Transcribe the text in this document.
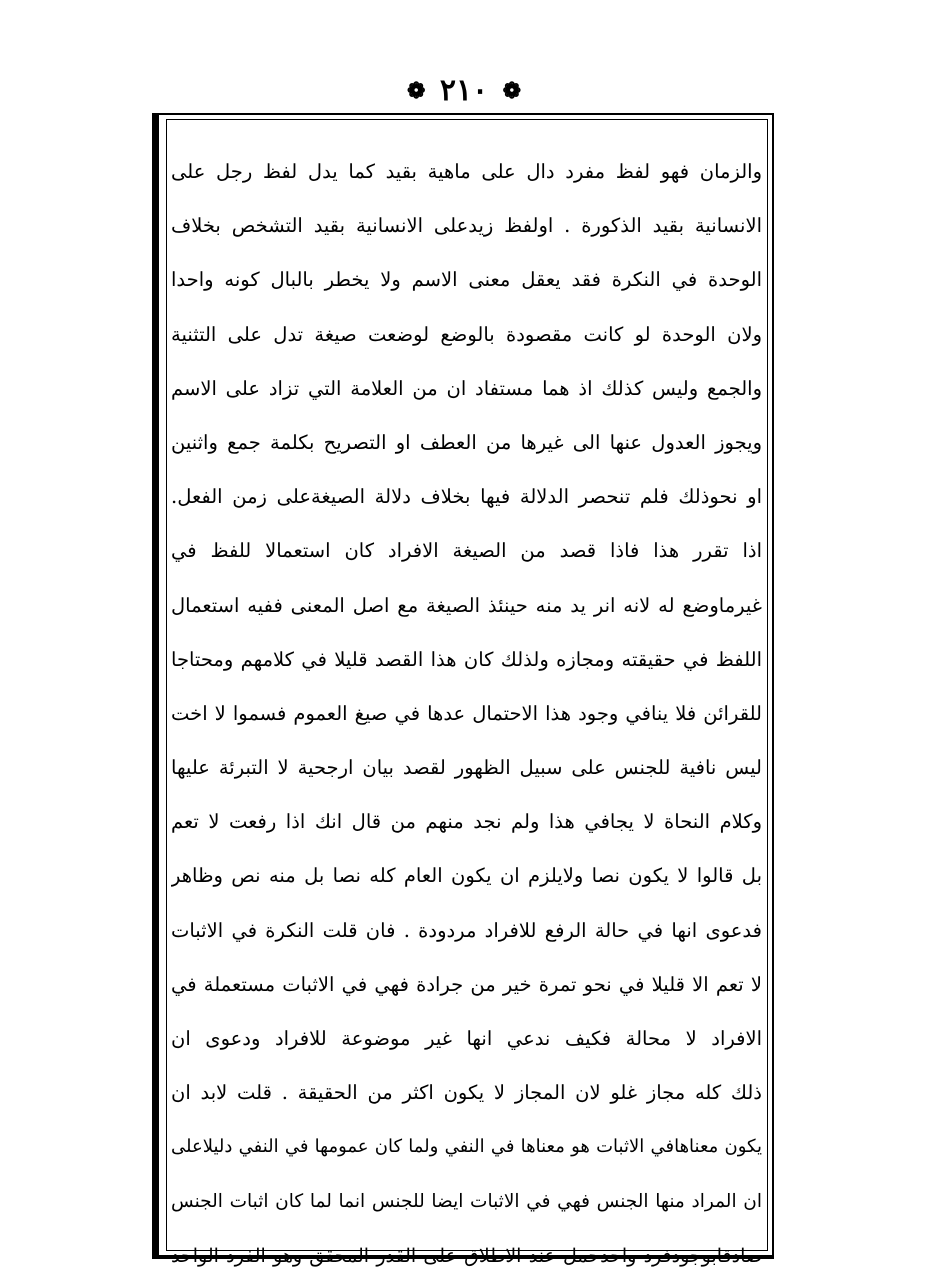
❁ ٢١٠ ❁
والزمان فهو لفظ مفرد دال على ماهية بقيد كما يدل لفظ رجل على
الانسانية بقيد الذكورة . اولفظ زيدعلى الانسانية بقيد التشخص بخلاف
الوحدة في النكرة فقد يعقل معنى الاسم ولا يخطر بالبال كونه واحدا
ولان الوحدة لو كانت مقصودة بالوضع لوضعت صيغة تدل على التثنية
والجمع وليس كذلك اذ هما مستفاد ان من العلامة التي تزاد على الاسم
ويجوز العدول عنها الى غيرها من العطف او التصريح بكلمة جمع واثنين
او نحوذلك فلم تنحصر الدلالة فيها بخلاف دلالة الصيغةعلى زمن الفعل.
اذا تقرر هذا فاذا قصد من الصيغة الافراد كان استعمالا للفظ في
غيرماوضع له لانه انر يد منه حينئذ الصيغة مع اصل المعنى ففيه استعمال
اللفظ في حقيقته ومجازه ولذلك كان هذا القصد قليلا في كلامهم ومحتاجا
للقرائن فلا ينافي وجود هذا الاحتمال عدها في صيغ العموم فسموا لا اخت
ليس نافية للجنس على سبيل الظهور لقصد بيان ارجحية لا التبرئة عليها
وكلام النحاة لا يجافي هذا ولم نجد منهم من قال انك اذا رفعت لا تعم
بل قالوا لا يكون نصا ولايلزم ان يكون العام كله نصا بل منه نص وظاهر
فدعوى انها في حالة الرفع للافراد مردودة . فان قلت النكرة في الاثبات
لا تعم الا قليلا في نحو تمرة خير من جرادة فهي في الاثبات مستعملة في
الافراد لا محالة فكيف ندعي انها غير موضوعة للافراد ودعوى ان
ذلك كله مجاز غلو لان المجاز لا يكون اكثر من الحقيقة . قلت لابد ان
يكون معناهافي الاثبات هو معناها في النفي ولما كان عمومها في النفي دليلاعلى
ان المراد منها الجنس فهي في الاثبات ايضا للجنس انما لما كان اثبات الجنس
صادقابوجودفرد واحدحمل عند الاطلاق على القدر المحقق وهو الفرد الواحد
